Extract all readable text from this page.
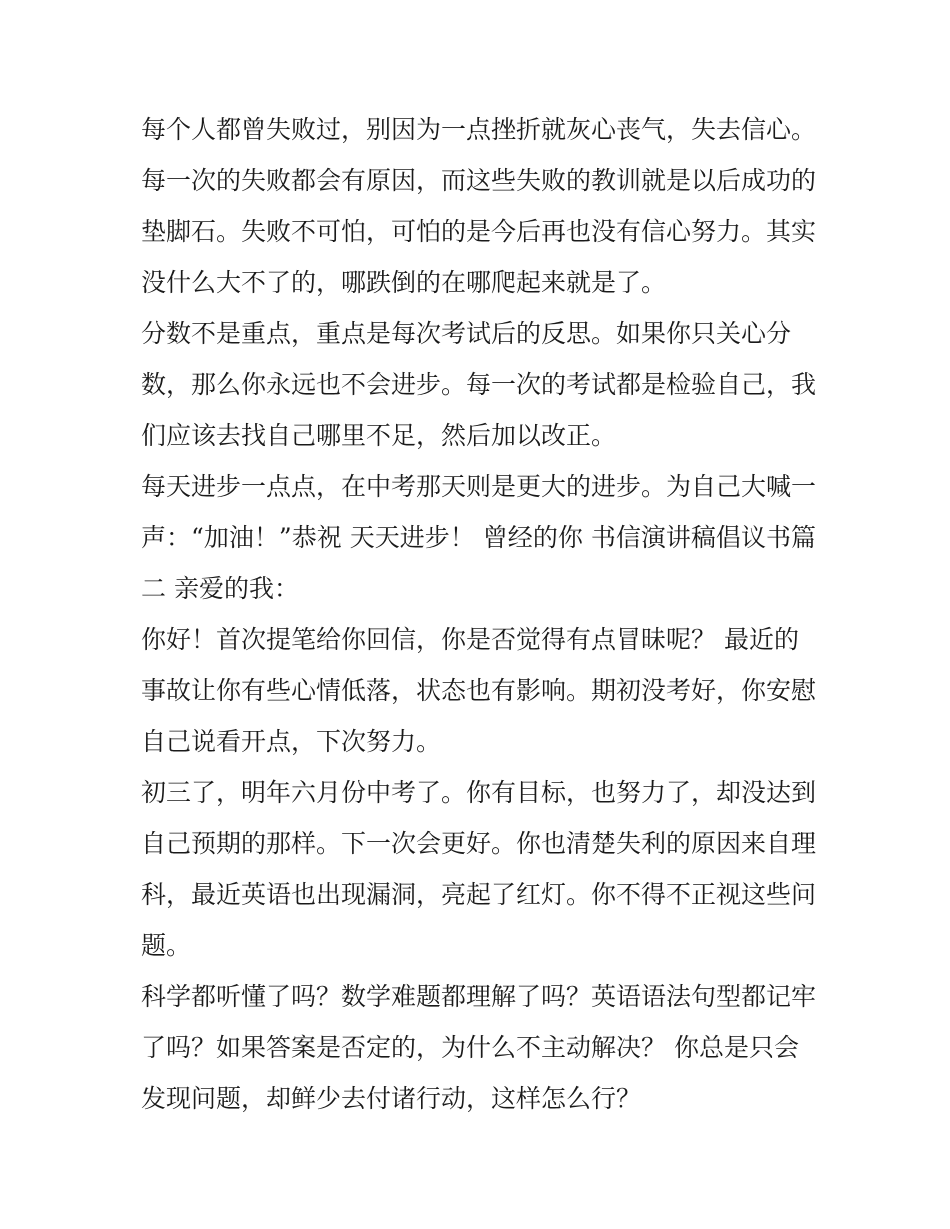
每个人都曾失败过，别因为一点挫折就灰心丧气，失去信心。
每一次的失败都会有原因，而这些失败的教训就是以后成功的
垫脚石。失败不可怕，可怕的是今后再也没有信心努力。其实
没什么大不了的，哪跌倒的在哪爬起来就是了。
分数不是重点，重点是每次考试后的反思。如果你只关心分
数，那么你永远也不会进步。每一次的考试都是检验自己，我
们应该去找自己哪里不足，然后加以改正。
每天进步一点点，在中考那天则是更大的进步。为自己大喊一
声：“加油！”恭祝 天天进步！ 曾经的你 书信演讲稿倡议书篇
二 亲爱的我：
你好！首次提笔给你回信，你是否觉得有点冒昧呢？ 最近的
事故让你有些心情低落，状态也有影响。期初没考好，你安慰
自己说看开点，下次努力。
初三了，明年六月份中考了。你有目标，也努力了，却没达到
自己预期的那样。下一次会更好。你也清楚失利的原因来自理
科，最近英语也出现漏洞，亮起了红灯。你不得不正视这些问
题。
科学都听懂了吗？数学难题都理解了吗？英语语法句型都记牢
了吗？如果答案是否定的，为什么不主动解决？ 你总是只会
发现问题，却鲜少去付诸行动，这样怎么行？
